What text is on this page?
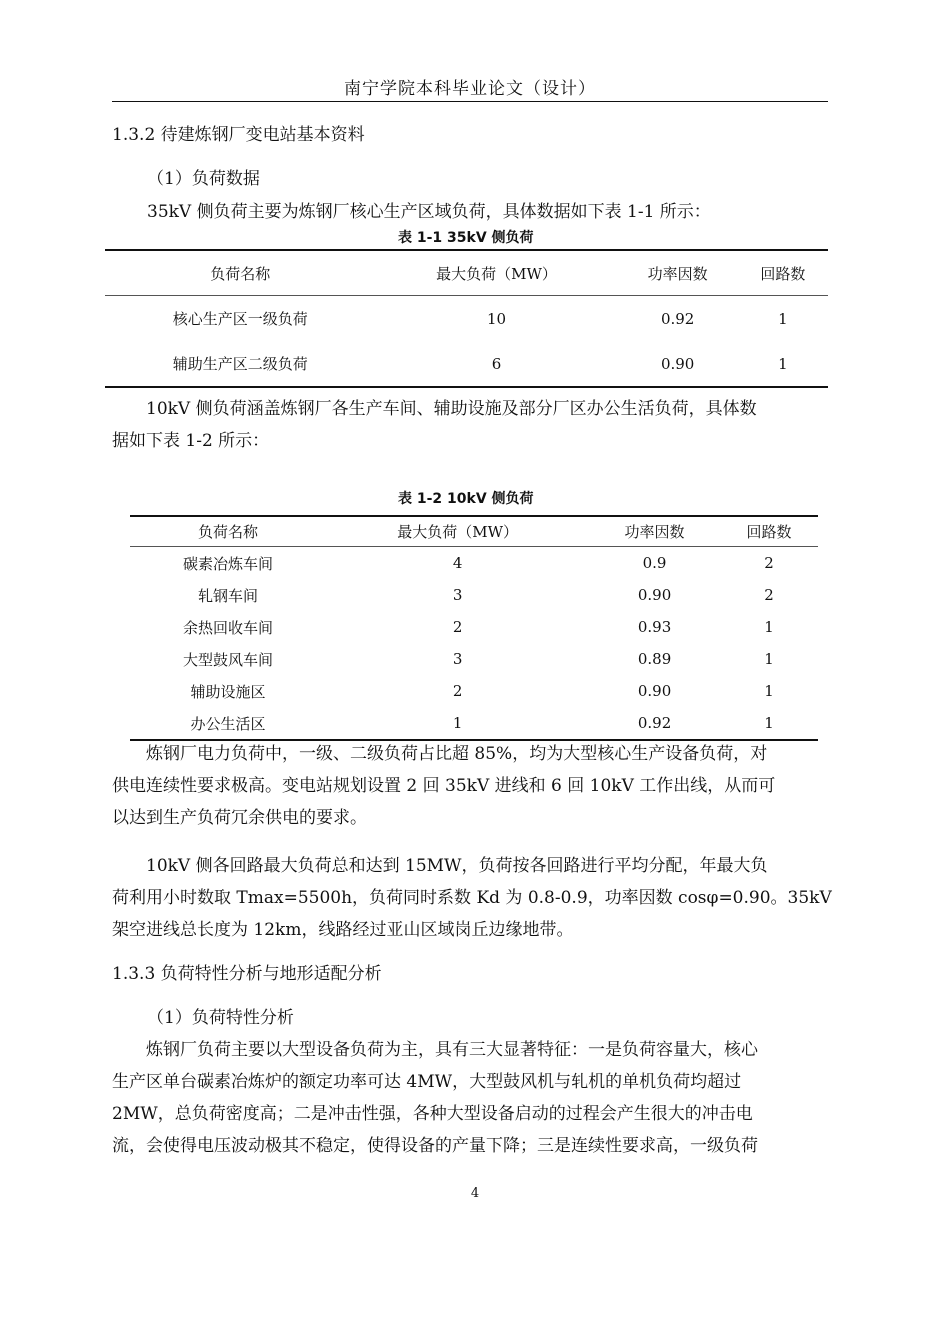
南宁学院本科毕业论文（设计）
1.3.2 待建炼钢厂变电站基本资料
（1）负荷数据
35kV 侧负荷主要为炼钢厂核心生产区域负荷，具体数据如下表 1-1 所示：
表 1-1 35kV 侧负荷
负荷名称	最大负荷（MW）	功率因数	回路数
核心生产区一级负荷	10	0.92	1
辅助生产区二级负荷	6	0.90	1
10kV 侧负荷涵盖炼钢厂各生产车间、辅助设施及部分厂区办公生活负荷，具体数
据如下表 1-2 所示：
表 1-2 10kV 侧负荷
负荷名称	最大负荷（MW）	功率因数	回路数
碳素冶炼车间	4	0.9	2
轧钢车间	3	0.90	2
余热回收车间	2	0.93	1
大型鼓风车间	3	0.89	1
辅助设施区	2	0.90	1
办公生活区	1	0.92	1
炼钢厂电力负荷中，一级、二级负荷占比超 85%，均为大型核心生产设备负荷，对
供电连续性要求极高。变电站规划设置 2 回 35kV 进线和 6 回 10kV 工作出线，从而可
以达到生产负荷冗余供电的要求。
10kV 侧各回路最大负荷总和达到 15MW，负荷按各回路进行平均分配，年最大负
荷利用小时数取 Tmax=5500h，负荷同时系数 Kd 为 0.8-0.9，功率因数 cosφ=0.90。35kV
架空进线总长度为 12km，线路经过亚山区域岗丘边缘地带。
1.3.3 负荷特性分析与地形适配分析
（1）负荷特性分析
炼钢厂负荷主要以大型设备负荷为主，具有三大显著特征：一是负荷容量大，核心
生产区单台碳素冶炼炉的额定功率可达 4MW，大型鼓风机与轧机的单机负荷均超过
2MW，总负荷密度高；二是冲击性强，各种大型设备启动的过程会产生很大的冲击电
流，会使得电压波动极其不稳定，使得设备的产量下降；三是连续性要求高，一级负荷
4
